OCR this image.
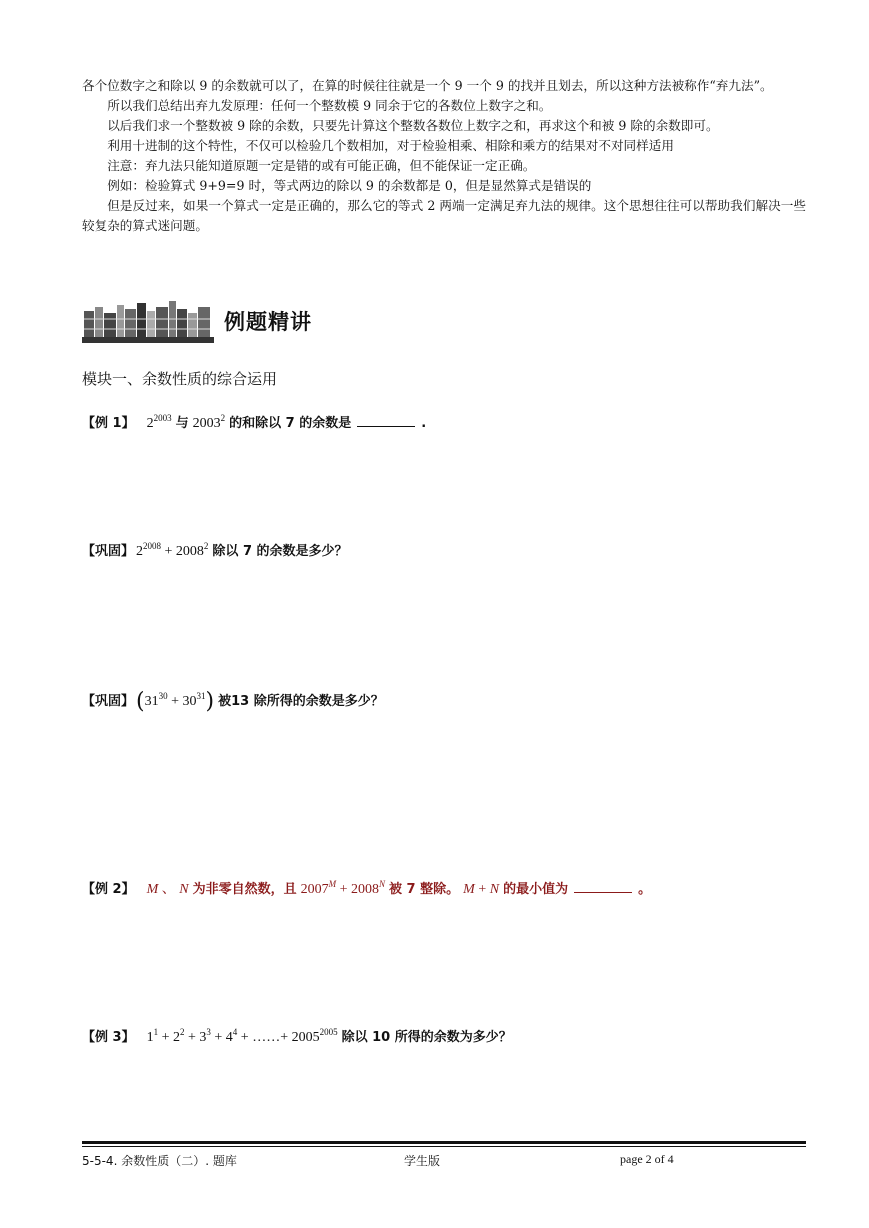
各个位数字之和除以 9 的余数就可以了，在算的时候往往就是一个 9 一个 9 的找并且划去，所以这种方法被称作“弃九法”。

所以我们总结出弃九发原理：任何一个整数模 9 同余于它的各数位上数字之和。

以后我们求一个整数被 9 除的余数，只要先计算这个整数各数位上数字之和，再求这个和被 9 除的余数即可。

利用十进制的这个特性，不仅可以检验几个数相加，对于检验相乘、相除和乘方的结果对不对同样适用

注意：弃九法只能知道原题一定是错的或有可能正确，但不能保证一定正确。

例如：检验算式 9+9=9 时，等式两边的除以 9 的余数都是 0，但是显然算式是错误的

但是反过来，如果一个算式一定是正确的，那么它的等式 2 两端一定满足弃九法的规律。这个思想往往可以帮助我们解决一些较复杂的算式迷问题。

例题精讲
模块一、余数性质的综合运用
【例 1】 $2^{2003}$ 与 2003$^2$ 的和除以 7 的余数是	.
【巩固】 $2^{2008} + 2008^2$ 除以 7 的余数是多少？
【巩固】 $(31^{30} + 30^{31})$ 被13 除所得的余数是多少？
【例 2】 M 、 N 为非零自然数，且 $2007^M + 2008^N$ 被 7 整除。 M + N 的最小值为	。
【例 3】 $1^1 + 2^2 + 3^3 + 4^4$ + ……+ $2005^{2005}$ 除以 10 所得的余数为多少？
5-5-4. 余数性质（二）. 题库	学生版	page 2 of 4
